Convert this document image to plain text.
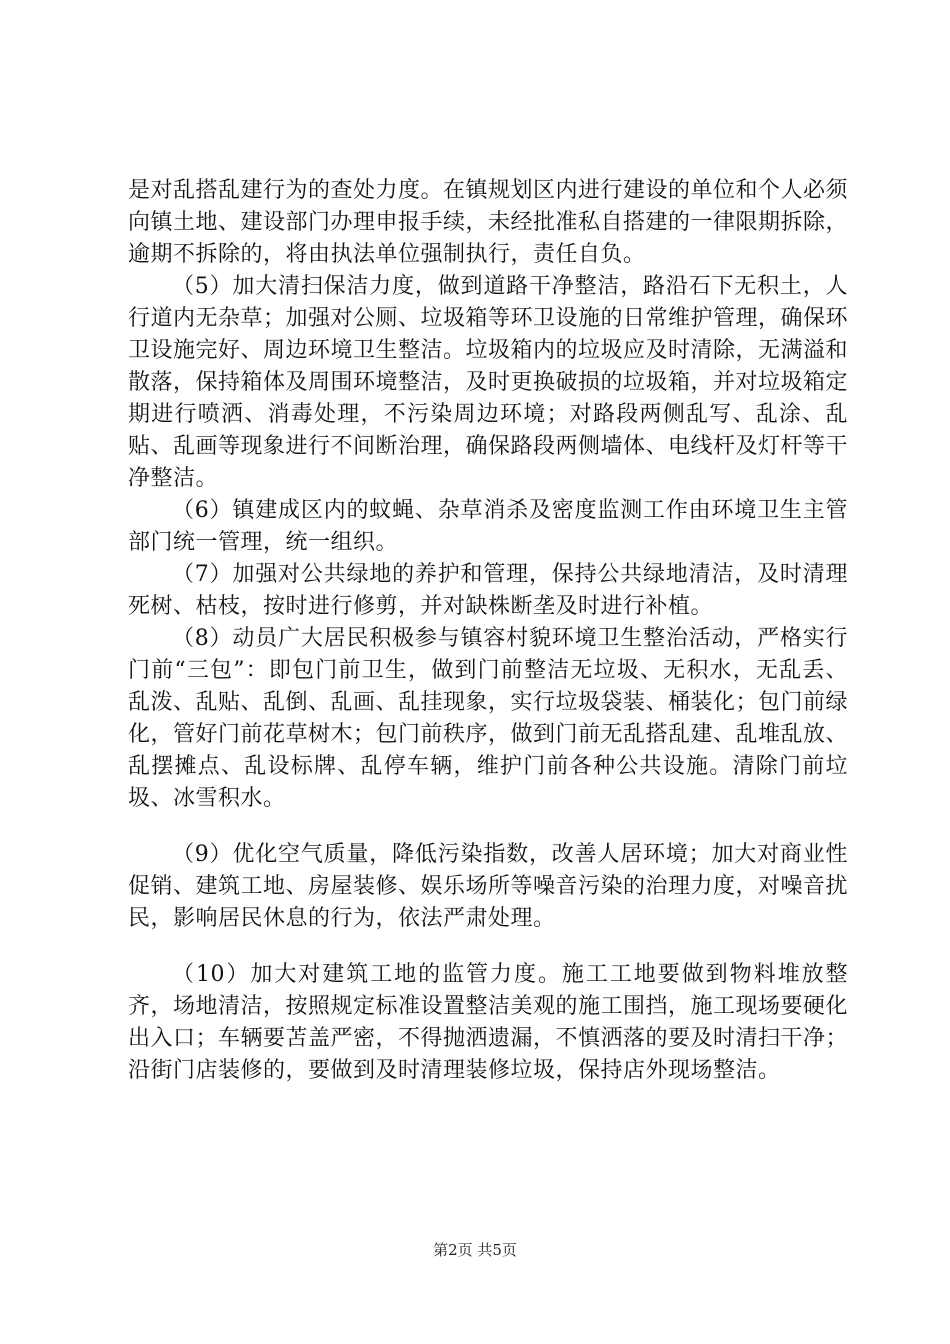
是对乱搭乱建行为的查处力度。在镇规划区内进行建设的单位和个人必须向镇土地、建设部门办理申报手续，未经批准私自搭建的一律限期拆除，逾期不拆除的，将由执法单位强制执行，责任自负。

（5）加大清扫保洁力度，做到道路干净整洁，路沿石下无积土，人行道内无杂草；加强对公厕、垃圾箱等环卫设施的日常维护管理，确保环卫设施完好、周边环境卫生整洁。垃圾箱内的垃圾应及时清除，无满溢和散落，保持箱体及周围环境整洁，及时更换破损的垃圾箱，并对垃圾箱定期进行喷洒、消毒处理，不污染周边环境；对路段两侧乱写、乱涂、乱贴、乱画等现象进行不间断治理，确保路段两侧墙体、电线杆及灯杆等干净整洁。

（6）镇建成区内的蚊蝇、杂草消杀及密度监测工作由环境卫生主管部门统一管理，统一组织。

（7）加强对公共绿地的养护和管理，保持公共绿地清洁，及时清理死树、枯枝，按时进行修剪，并对缺株断垄及时进行补植。

（8）动员广大居民积极参与镇容村貌环境卫生整治活动，严格实行门前“三包”：即包门前卫生，做到门前整洁无垃圾、无积水，无乱丢、乱泼、乱贴、乱倒、乱画、乱挂现象，实行垃圾袋装、桶装化；包门前绿化，管好门前花草树木；包门前秩序，做到门前无乱搭乱建、乱堆乱放、乱摆摊点、乱设标牌、乱停车辆，维护门前各种公共设施。清除门前垃圾、冰雪积水。

（9）优化空气质量，降低污染指数，改善人居环境；加大对商业性促销、建筑工地、房屋装修、娱乐场所等噪音污染的治理力度，对噪音扰民，影响居民休息的行为，依法严肃处理。

（10）加大对建筑工地的监管力度。施工工地要做到物料堆放整齐，场地清洁，按照规定标准设置整洁美观的施工围挡，施工现场要硬化出入口；车辆要苫盖严密，不得抛洒遗漏，不慎洒落的要及时清扫干净；沿街门店装修的，要做到及时清理装修垃圾，保持店外现场整洁。

第2页 共5页
